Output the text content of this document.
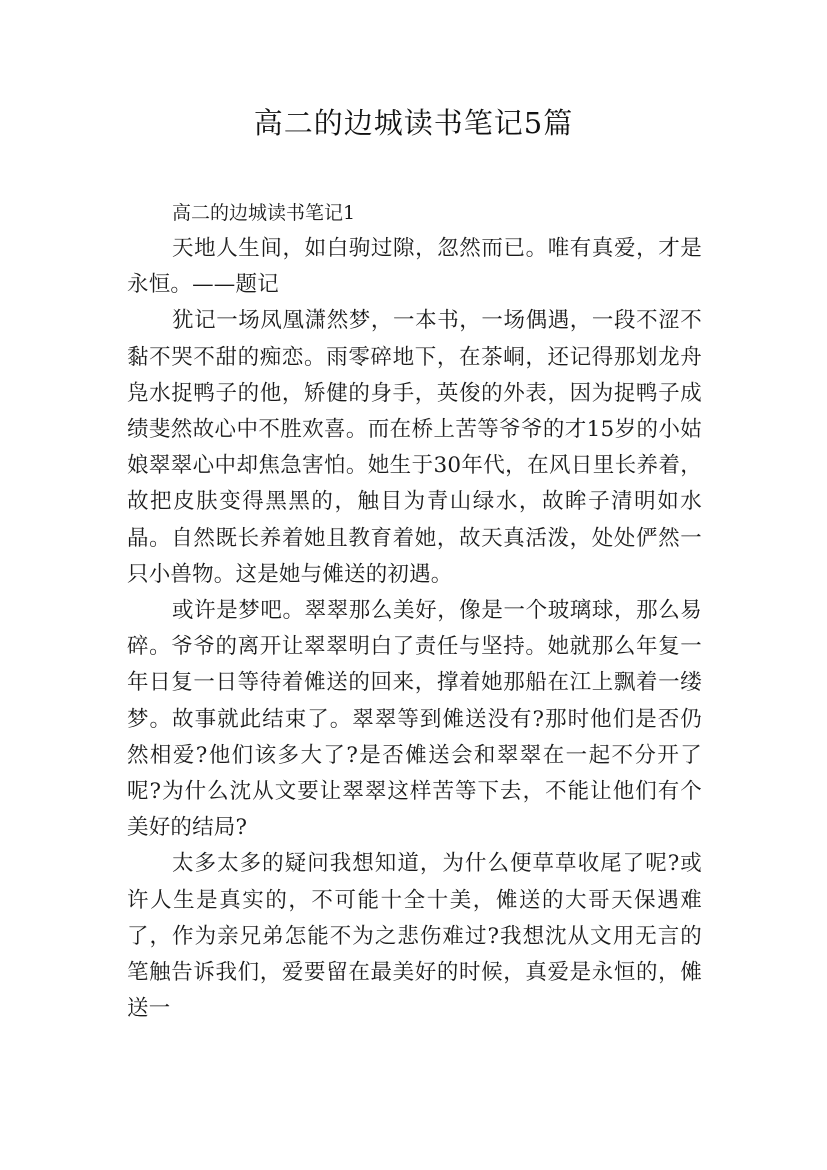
高二的边城读书笔记5篇

高二的边城读书笔记1

天地人生间，如白驹过隙，忽然而已。唯有真爱，才是永恒。——题记

犹记一场凤凰潇然梦，一本书，一场偶遇，一段不涩不黏不哭不甜的痴恋。雨零碎地下，在茶峒，还记得那划龙舟凫水捉鸭子的他，矫健的身手，英俊的外表，因为捉鸭子成绩斐然故心中不胜欢喜。而在桥上苦等爷爷的才15岁的小姑娘翠翠心中却焦急害怕。她生于30年代，在风日里长养着，故把皮肤变得黑黑的，触目为青山绿水，故眸子清明如水晶。自然既长养着她且教育着她，故天真活泼，处处俨然一只小兽物。这是她与傩送的初遇。

或许是梦吧。翠翠那么美好，像是一个玻璃球，那么易碎。爷爷的离开让翠翠明白了责任与坚持。她就那么年复一年日复一日等待着傩送的回来，撑着她那船在江上飘着一缕梦。故事就此结束了。翠翠等到傩送没有?那时他们是否仍然相爱?他们该多大了?是否傩送会和翠翠在一起不分开了呢?为什么沈从文要让翠翠这样苦等下去，不能让他们有个美好的结局?

太多太多的疑问我想知道，为什么便草草收尾了呢?或许人生是真实的，不可能十全十美，傩送的大哥天保遇难了，作为亲兄弟怎能不为之悲伤难过?我想沈从文用无言的笔触告诉我们，爱要留在最美好的时候，真爱是永恒的，傩送一
